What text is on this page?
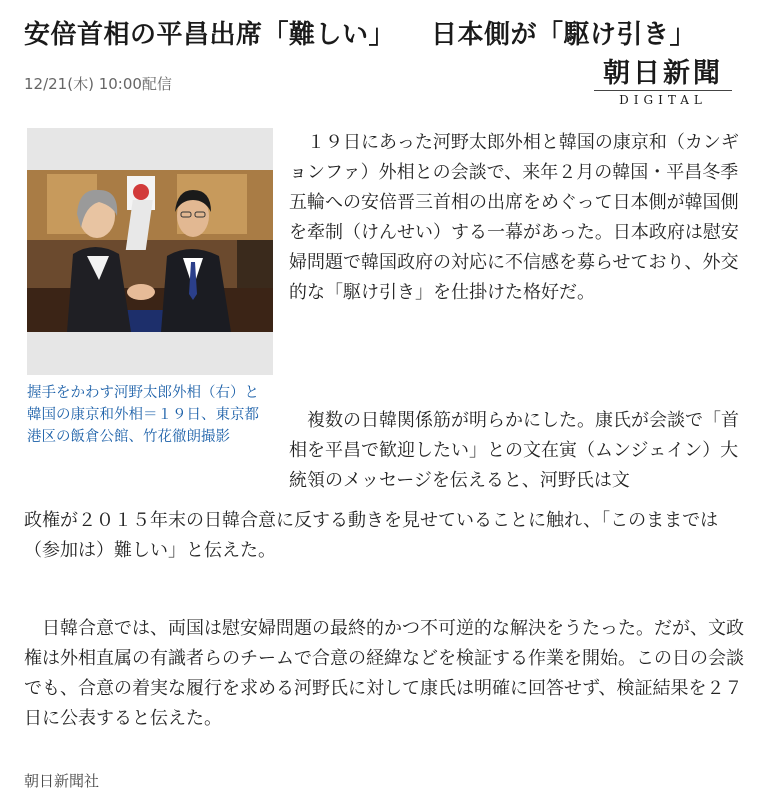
安倍首相の平昌出席「難しい」 日本側が「駆け引き」
12/21(木) 10:00配信	朝日新聞
DIGITAL
握手をかわす河野太郎外相（右）と韓国の康京和外相＝１９日、東京都港区の飯倉公館、竹花徹朗撮影

　１９日にあった河野太郎外相と韓国の康京和（カンギョンファ）外相との会談で、来年２月の韓国・平昌冬季五輪への安倍晋三首相の出席をめぐって日本側が韓国側を牽制（けんせい）する一幕があった。日本政府は慰安婦問題で韓国政府の対応に不信感を募らせており、外交的な「駆け引き」を仕掛けた格好だ。

　複数の日韓関係筋が明らかにした。康氏が会談で「首相を平昌で歓迎したい」との文在寅（ムンジェイン）大統領のメッセージを伝えると、河野氏は文

政権が２０１５年末の日韓合意に反する動きを見せていることに触れ、「このままでは（参加は）難しい」と伝えた。

　日韓合意では、両国は慰安婦問題の最終的かつ不可逆的な解決をうたった。だが、文政権は外相直属の有識者らのチームで合意の経緯などを検証する作業を開始。この日の会談でも、合意の着実な履行を求める河野氏に対して康氏は明確に回答せず、検証結果を２７日に公表すると伝えた。

朝日新聞社
